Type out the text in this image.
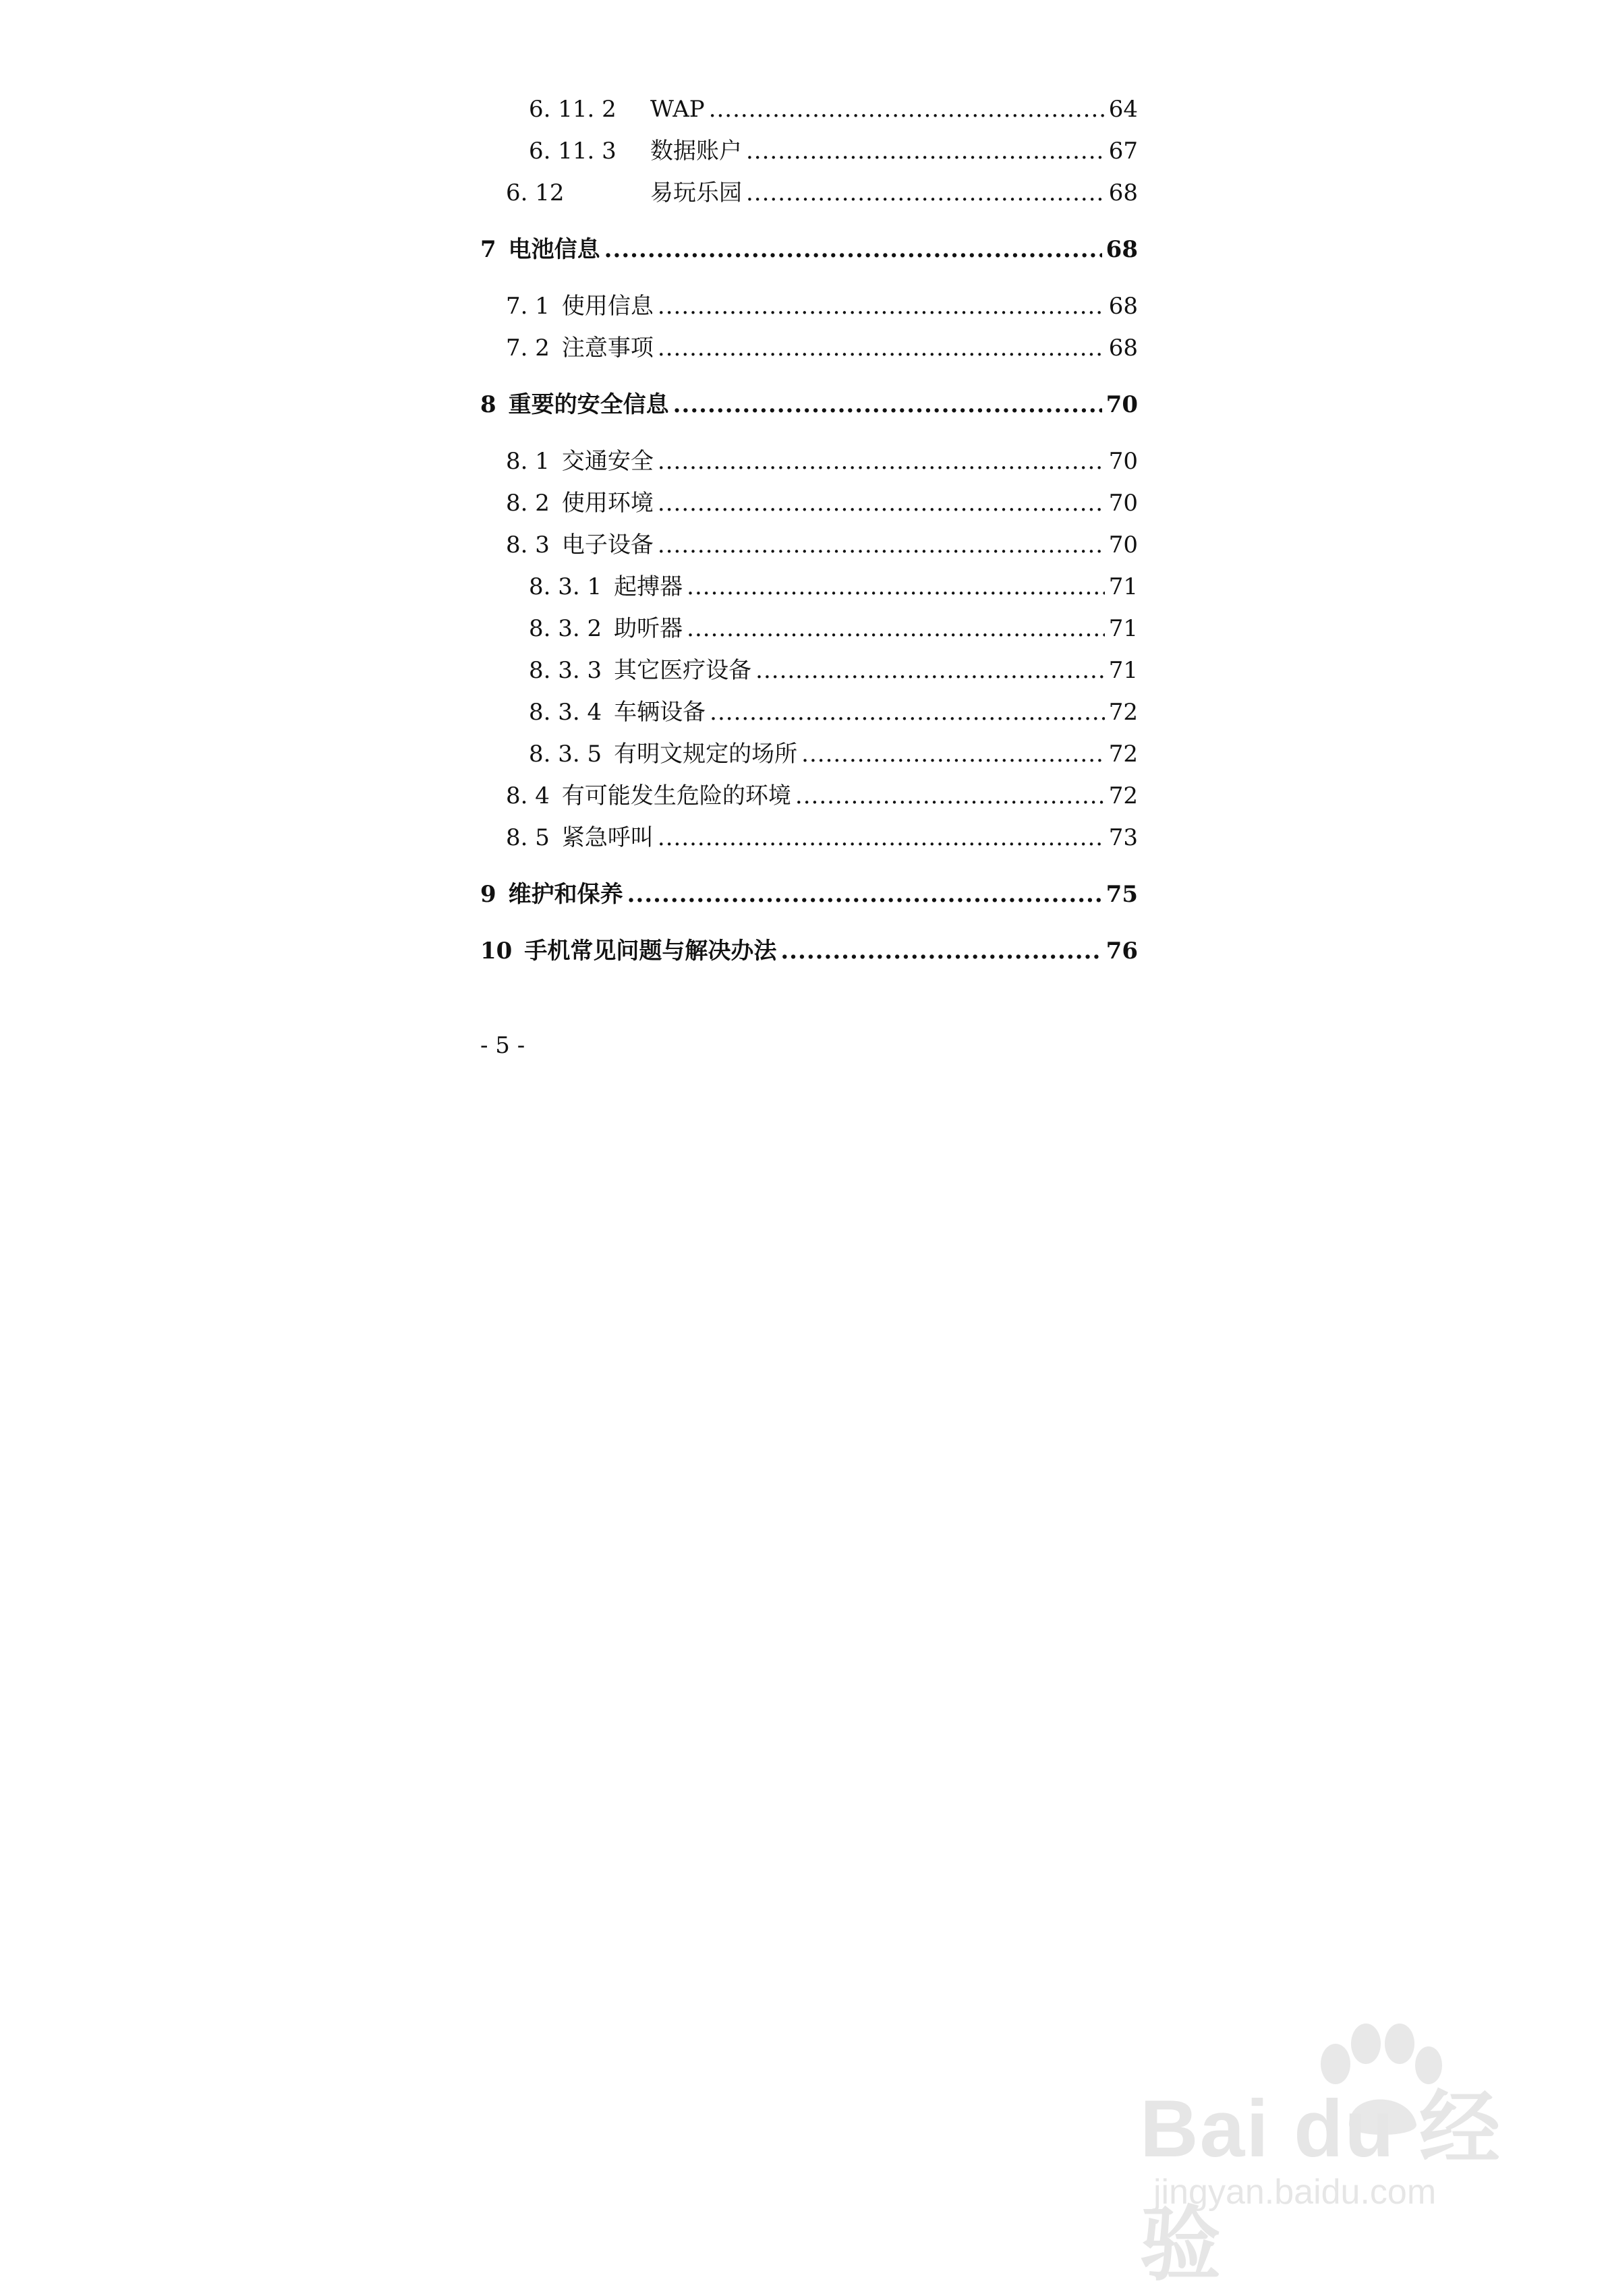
6. 11. 2	WAP .....	64
6. 11. 3	数据账户 .....	67
6. 12	易玩乐园 .....	68
7 电池信息 .....	68
7. 1 使用信息 .....	68
7. 2 注意事项 .....	68
8 重要的安全信息 .....	70
8. 1 交通安全 .....	70
8. 2 使用环境 .....	70
8. 3 电子设备 .....	70
8. 3. 1 起搏器 .....	71
8. 3. 2 助听器 .....	71
8. 3. 3 其它医疗设备 .....	71
8. 3. 4 车辆设备 .....	72
8. 3. 5 有明文规定的场所 .....	72
8. 4 有可能发生危险的环境 .....	72
8. 5 紧急呼叫 .....	73
9 维护和保养 .....	75
10 手机常见问题与解决办法 .....	76
- 5 -
Bai du 经验
jingyan.baidu.com
